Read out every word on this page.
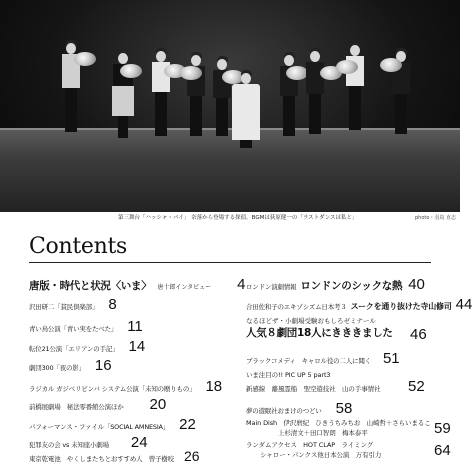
第三舞台「ハッシャ・バイ」 奈落から登場する探偵。BGMは荻原健一の「ラストダンスは私と」	photo・羽鳥 直志
Contents
唐版・時代と状況〈いま〉 唐十郎インタビュー 4
沢田研二「貧民倶楽部」 8
青い鳥公演「青い実をたべた」 11
転位21公演「エリアンの手記」 14
劇団300「夜の影」 16
ラジカル ガジベリビンバ システム公演「未知の贈りもの」 18
前橋展劇場　秘法零番館公演ほか 20
パフォーマンス・ファイル「SOCIAL AMNESIA」 22
犯罪友の会 vs 未知座小劇場 24
東京乾電池　やくしまたちとおすすめ人　曾子樹咬 26
ロンドン演劇情報 ロンドンのシックな熱 40
合田佐和子のエキゾシズム日本考３ スークを通り抜けた寺山修司 44
なるほどザ・小劇場受験おもしろゼミナール
人気８劇団18人にきききました	46
ブラックコメディ キャロル役の二人に聞く 51
いま注目の!! PIC UP 5 part3
新感線　離風霊船　聖空遊技社　山の手事情社	52
夢の遊眠社おまけのつどい 58
Main Dish　伊沢磨紀　ひきうちみちお　山崎哲＋さらいまるこ
上杉清文＋田口智朗　梅本泰平	59
ランダムアクセス　HOT CLAP　ライミング
シャロー・パンクス他日本公演　万有引力	64
